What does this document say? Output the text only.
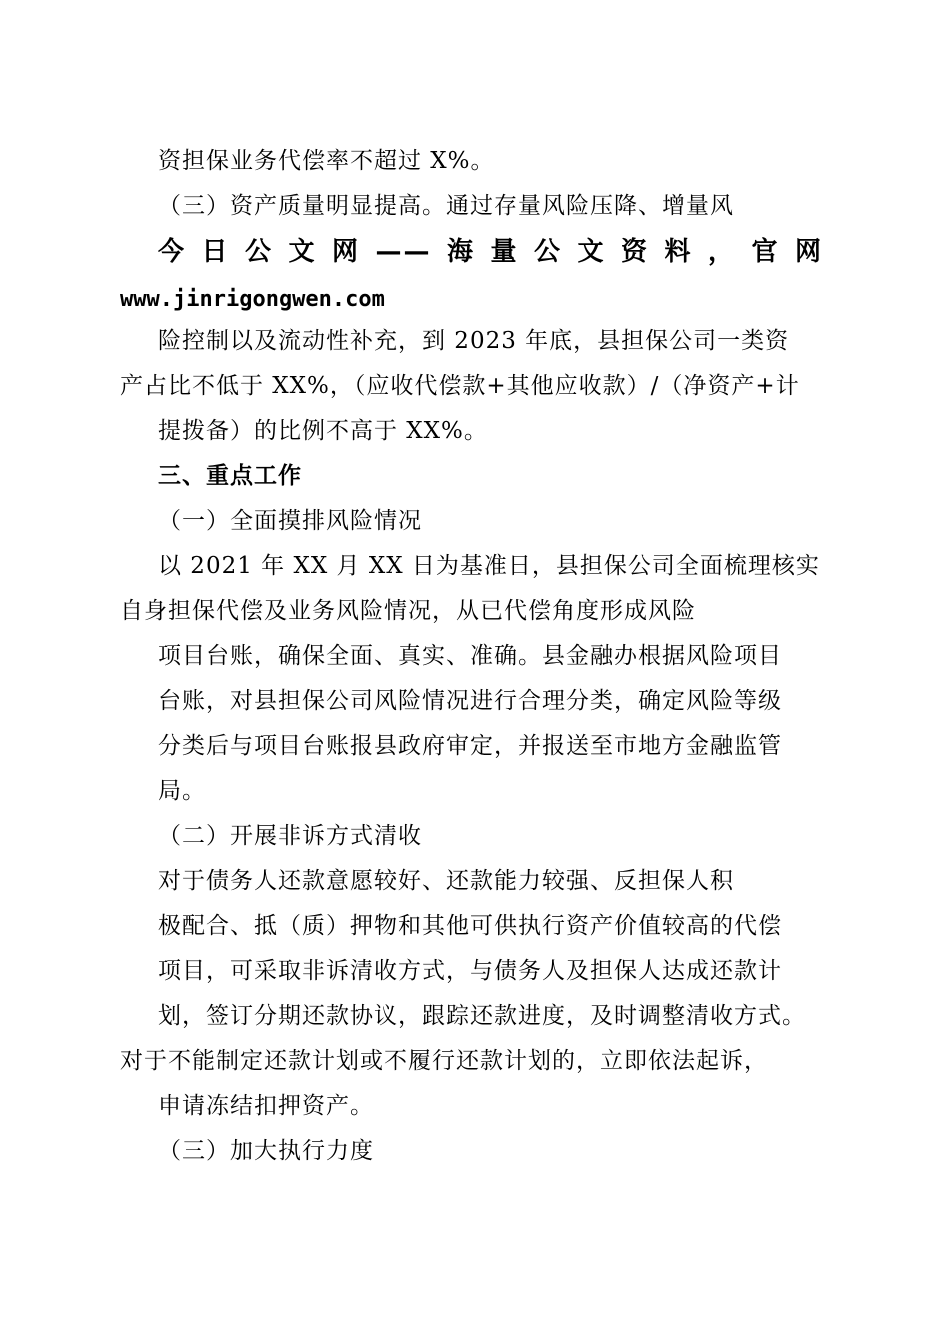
资担保业务代偿率不超过 X%。
（三）资产质量明显提高。通过存量风险压降、增量风
今日公文网——海量公文资料，官网
www.jinrigongwen.com
险控制以及流动性补充，到 2023 年底，县担保公司一类资
产占比不低于 XX%，（应收代偿款+其他应收款）/（净资产+计
提拨备）的比例不高于 XX%。
三、重点工作
（一）全面摸排风险情况
以 2021 年 XX 月 XX 日为基准日，县担保公司全面梳理核实
自身担保代偿及业务风险情况，从已代偿角度形成风险
项目台账，确保全面、真实、准确。县金融办根据风险项目
台账，对县担保公司风险情况进行合理分类，确定风险等级
分类后与项目台账报县政府审定，并报送至市地方金融监管
局。
（二）开展非诉方式清收
对于债务人还款意愿较好、还款能力较强、反担保人积
极配合、抵（质）押物和其他可供执行资产价值较高的代偿
项目，可采取非诉清收方式，与债务人及担保人达成还款计
划，签订分期还款协议，跟踪还款进度，及时调整清收方式。
对于不能制定还款计划或不履行还款计划的，立即依法起诉，
申请冻结扣押资产。
（三）加大执行力度
